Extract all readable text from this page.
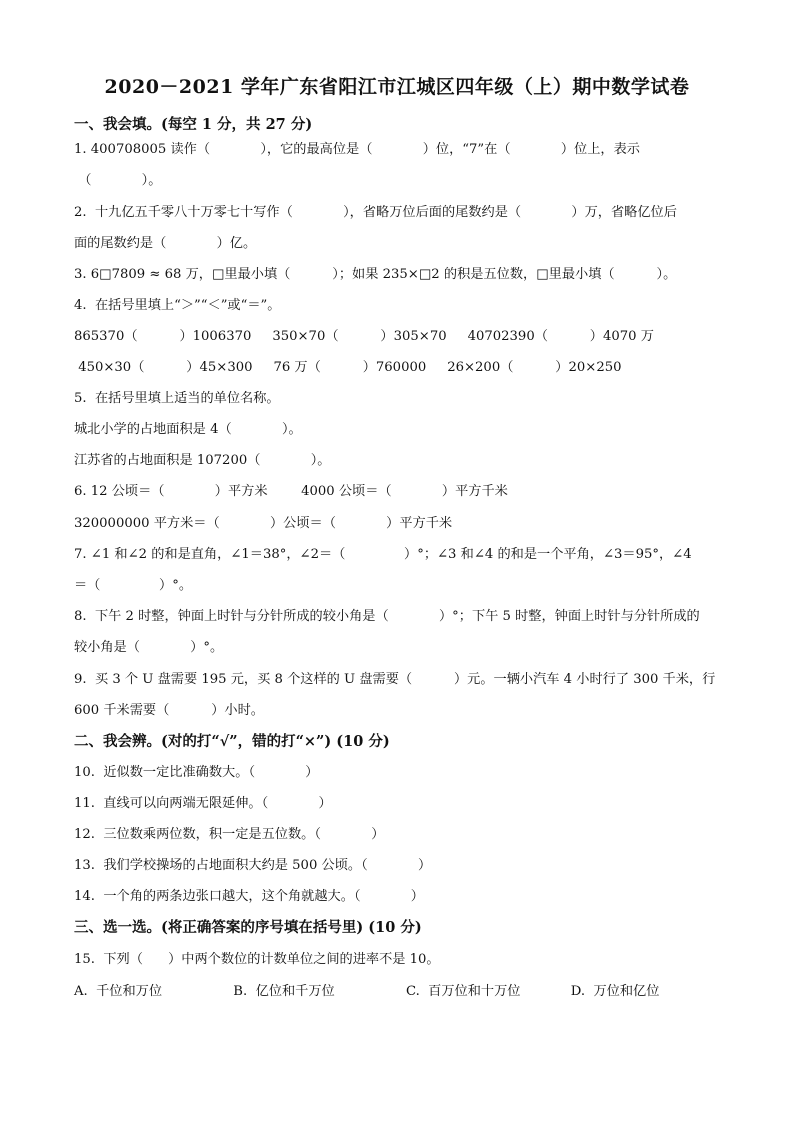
2020－2021 学年广东省阳江市江城区四年级（上）期中数学试卷
一、我会填。(每空 1 分，共 27 分)
1. 400708005 读作（            ），它的最高位是（            ）位，“7”在（            ）位上，表示
（            ）。
2.  十九亿五千零八十万零七十写作（            ），省略万位后面的尾数约是（            ）万，省略亿位后
面的尾数约是（            ）亿。
3. 6□7809 ≈ 68 万，□里最小填（          ）；如果 235×□2 的积是五位数，□里最小填（          ）。
4.  在括号里填上“＞”“＜”或“＝”。
865370（          ）1006370     350×70（          ）305×70     40702390（          ）4070 万
450×30（          ）45×300     76 万（          ）760000     26×200（          ）20×250
5.  在括号里填上适当的单位名称。
城北小学的占地面积是 4（            ）。
江苏省的占地面积是 107200（            ）。
6. 12 公顷＝（            ）平方米        4000 公顷＝（            ）平方千米
320000000 平方米＝（            ）公顷＝（            ）平方千米
7. ∠1 和∠2 的和是直角，∠1＝38°，∠2＝（              ）°；∠3 和∠4 的和是一个平角，∠3＝95°，∠4
＝（              ）°。
8.  下午 2 时整，钟面上时针与分针所成的较小角是（            ）°；下午 5 时整，钟面上时针与分针所成的
较小角是（            ）°。
9.  买 3 个 U 盘需要 195 元，买 8 个这样的 U 盘需要（          ）元。一辆小汽车 4 小时行了 300 千米，行
600 千米需要（          ）小时。
二、我会辨。(对的打“√”，错的打“×”) (10 分)
10.  近似数一定比准确数大。（            ）
11.  直线可以向两端无限延伸。（            ）
12.  三位数乘两位数，积一定是五位数。（            ）
13.  我们学校操场的占地面积大约是 500 公顷。（            ）
14.  一个角的两条边张口越大，这个角就越大。（            ）
三、选一选。(将正确答案的序号填在括号里) (10 分)
15.  下列（      ）中两个数位的计数单位之间的进率不是 10。
A.  千位和万位                 B.  亿位和千万位                 C.  百万位和十万位            D.  万位和亿位
